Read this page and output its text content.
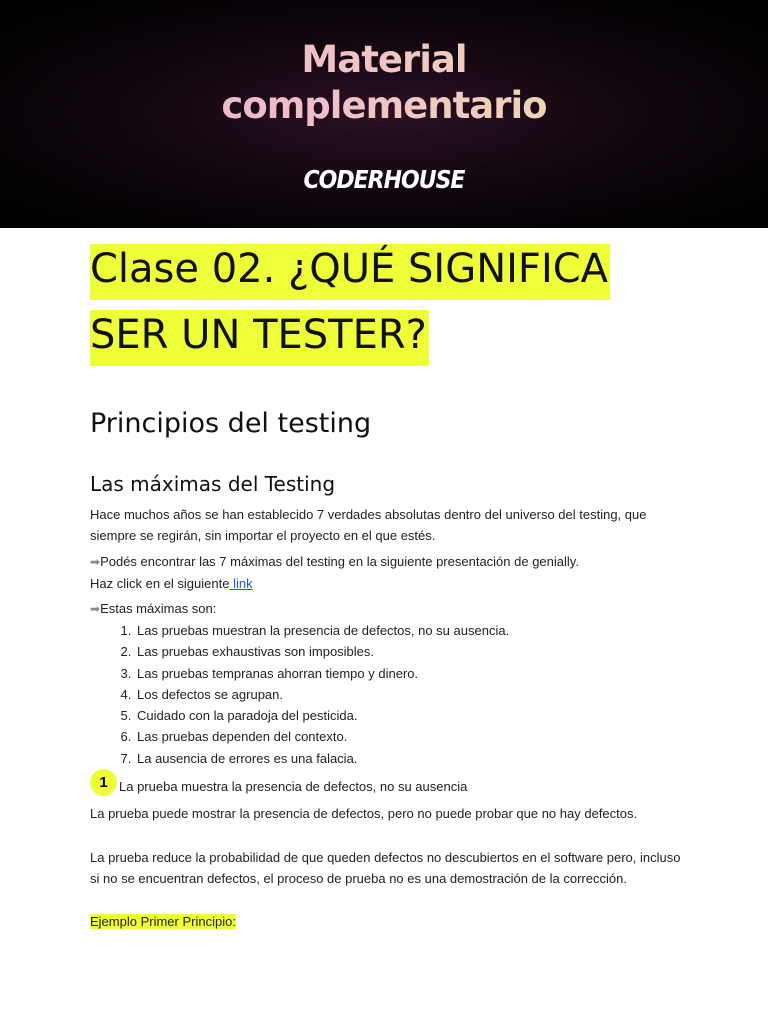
Material
complementario
CODERHOUSE
Clase 02. ¿QUÉ SIGNIFICA
SER UN TESTER?
Principios del testing
Las máximas del Testing
Hace muchos años se han establecido 7 verdades absolutas dentro del universo del testing, que siempre se regirán, sin importar el proyecto en el que estés.
➡Podés encontrar las 7 máximas del testing en la siguiente presentación de genially.
Haz click en el siguiente link
➡Estas máximas son:
1. Las pruebas muestran la presencia de defectos, no su ausencia.
2. Las pruebas exhaustivas son imposibles.
3. Las pruebas tempranas ahorran tiempo y dinero.
4. Los defectos se agrupan.
5. Cuidado con la paradoja del pesticida.
6. Las pruebas dependen del contexto.
7. La ausencia de errores es una falacia.
1 La prueba muestra la presencia de defectos, no su ausencia
La prueba puede mostrar la presencia de defectos, pero no puede probar que no hay defectos.
La prueba reduce la probabilidad de que queden defectos no descubiertos en el software pero, incluso si no se encuentran defectos, el proceso de prueba no es una demostración de la corrección.
Ejemplo Primer Principio:
